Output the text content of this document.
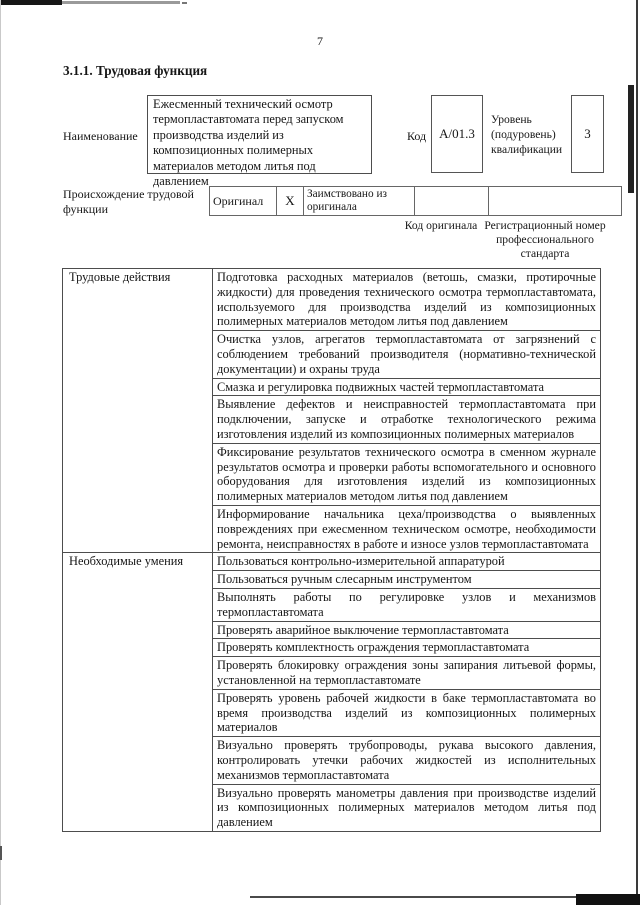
7
3.1.1. Трудовая функция
Наименование
Ежесменный технический осмотр термопластавтомата перед запуском производства изделий из композиционных полимерных материалов методом литья под давлением
Код A/01.3
Уровень (подуровень) квалификации
3
Происхождение трудовой функции
Оригинал	X	Заимствовано из оригинала		
Код оригинала Регистрационный номер профессионального стандарта
Трудовые действия	Подготовка расходных материалов (ветошь, смазки, протирочные жидкости) для проведения технического осмотра термопластавтомата, используемого для производства изделий из композиционных полимерных материалов методом литья под давлением
	Очистка узлов, агрегатов термопластавтомата от загрязнений с соблюдением требований производителя (нормативно-технической документации) и охраны труда
	Смазка и регулировка подвижных частей термопластавтомата
	Выявление дефектов и неисправностей термопластавтомата при подключении, запуске и отработке технологического режима изготовления изделий из композиционных полимерных материалов
	Фиксирование результатов технического осмотра в сменном журнале результатов осмотра и проверки работы вспомогательного и основного оборудования для изготовления изделий из композиционных полимерных материалов методом литья под давлением
	Информирование начальника цеха/производства о выявленных повреждениях при ежесменном техническом осмотре, необходимости ремонта, неисправностях в работе и износе узлов термопластавтомата
Необходимые умения	Пользоваться контрольно-измерительной аппаратурой
	Пользоваться ручным слесарным инструментом
	Выполнять работы по регулировке узлов и механизмов термопластавтомата
	Проверять аварийное выключение термопластавтомата
	Проверять комплектность ограждения термопластавтомата
	Проверять блокировку ограждения зоны запирания литьевой формы, установленной на термопластавтомате
	Проверять уровень рабочей жидкости в баке термопластавтомата во время производства изделий из композиционных полимерных материалов
	Визуально проверять трубопроводы, рукава высокого давления, контролировать утечки рабочих жидкостей из исполнительных механизмов термопластавтомата
	Визуально проверять манометры давления при производстве изделий из композиционных полимерных материалов методом литья под давлением
